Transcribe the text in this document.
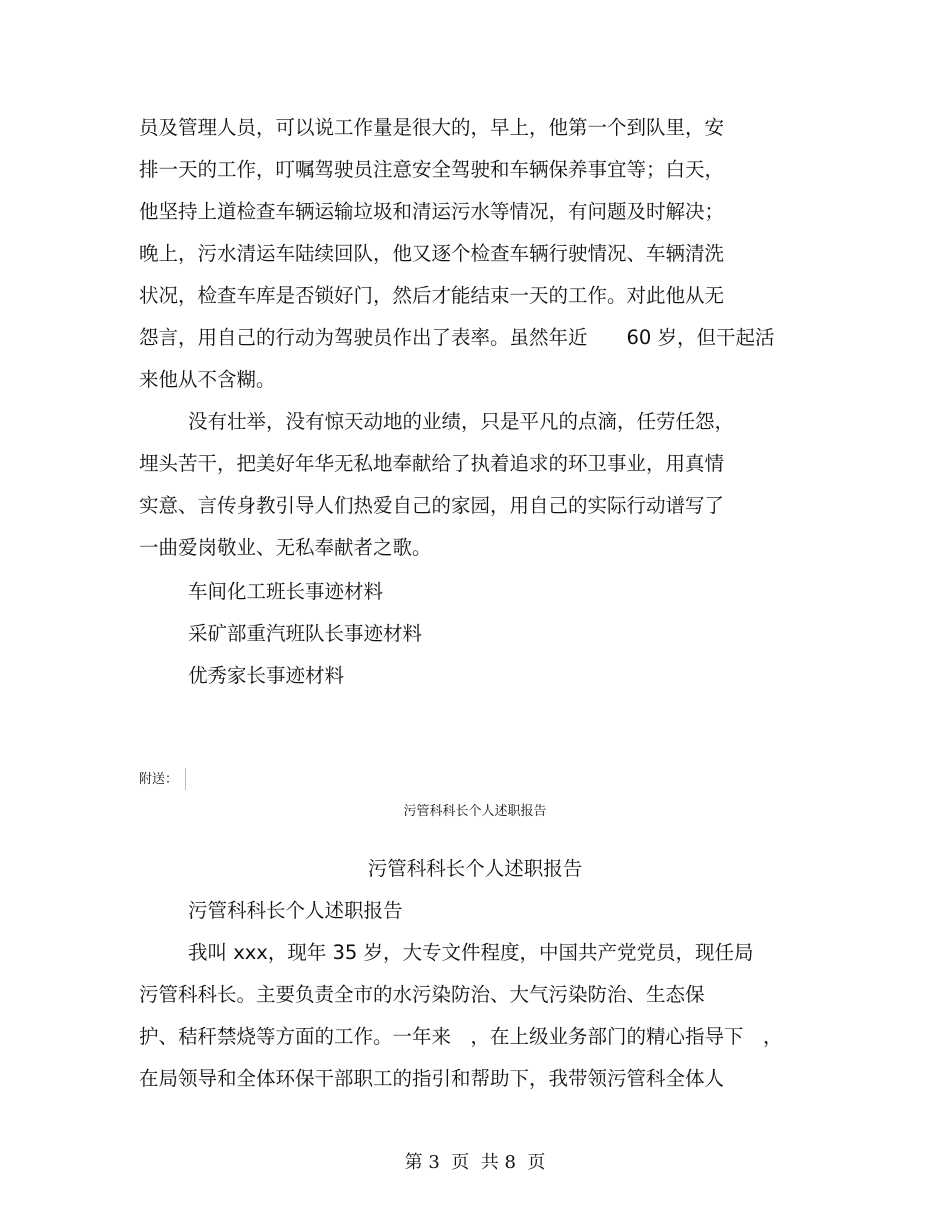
员及管理人员，可以说工作量是很大的，早上，他第一个到队里，安
排一天的工作，叮嘱驾驶员注意安全驾驶和车辆保养事宜等；白天，
他坚持上道检查车辆运输垃圾和清运污水等情况，有问题及时解决；
晚上，污水清运车陆续回队，他又逐个检查车辆行驶情况、车辆清洗
状况，检查车库是否锁好门，然后才能结束一天的工作。对此他从无
怨言，用自己的行动为驾驶员作出了表率。虽然年近　　60 岁，但干起活
来他从不含糊。
没有壮举，没有惊天动地的业绩，只是平凡的点滴，任劳任怨，
埋头苦干，把美好年华无私地奉献给了执着追求的环卫事业，用真情
实意、言传身教引导人们热爱自己的家园，用自己的实际行动谱写了
一曲爱岗敬业、无私奉献者之歌。
车间化工班长事迹材料
采矿部重汽班队长事迹材料
优秀家长事迹材料
附送：
污管科科长个人述职报告
污管科科长个人述职报告
污管科科长个人述职报告
我叫 xxx，现年 35 岁，大专文件程度，中国共产党党员，现任局
污管科科长。主要负责全市的水污染防治、大气污染防治、生态保
护、秸秆禁烧等方面的工作。一年来　，在上级业务部门的精心指导下　，
在局领导和全体环保干部职工的指引和帮助下，我带领污管科全体人
第 3  页  共 8  页
